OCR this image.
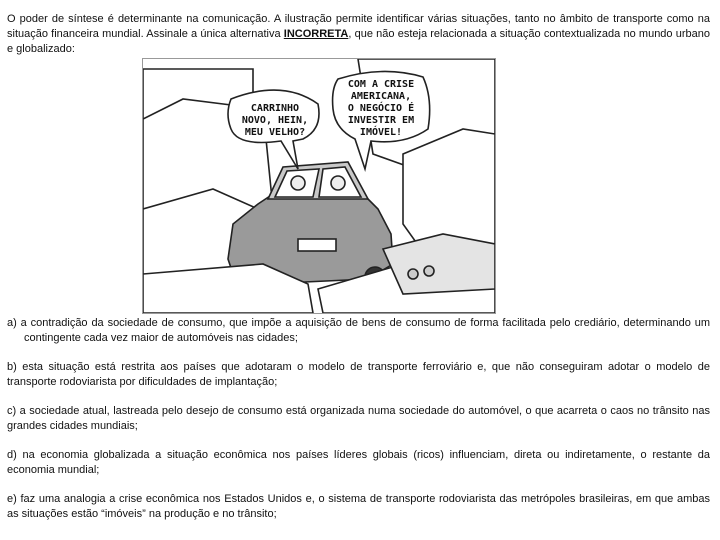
O poder de síntese é determinante na comunicação. A ilustração permite identificar várias situações, tanto no âmbito de transporte como na situação financeira mundial. Assinale a única alternativa INCORRETA, que não esteja relacionada a situação contextualizada no mundo urbano e globalizado:

CARRINHO
NOVO, HEIN,
MEU VELHO?
COM A CRISE
AMERICANA,
O NEGÓCIO É
INVESTIR EM
IMÓVEL!

a) a contradição da sociedade de consumo, que impõe a aquisição de bens de consumo de forma facilitada pelo crediário, determinando um contingente cada vez maior de automóveis nas cidades;

b) esta situação está restrita aos países que adotaram o modelo de transporte ferroviário e, que não conseguiram adotar o modelo de transporte rodoviarista por dificuldades de implantação;

c) a sociedade atual, lastreada pelo desejo de consumo está organizada numa sociedade do automóvel, o que acarreta o caos no trânsito nas grandes cidades mundiais;

d) na economia globalizada a situação econômica nos países líderes globais (ricos) influenciam, direta ou indiretamente, o restante da economia mundial;

e) faz uma analogia a crise econômica nos Estados Unidos e, o sistema de transporte rodoviarista das metrópoles brasileiras, em que ambas as situações estão “imóveis” na produção e no trânsito;
